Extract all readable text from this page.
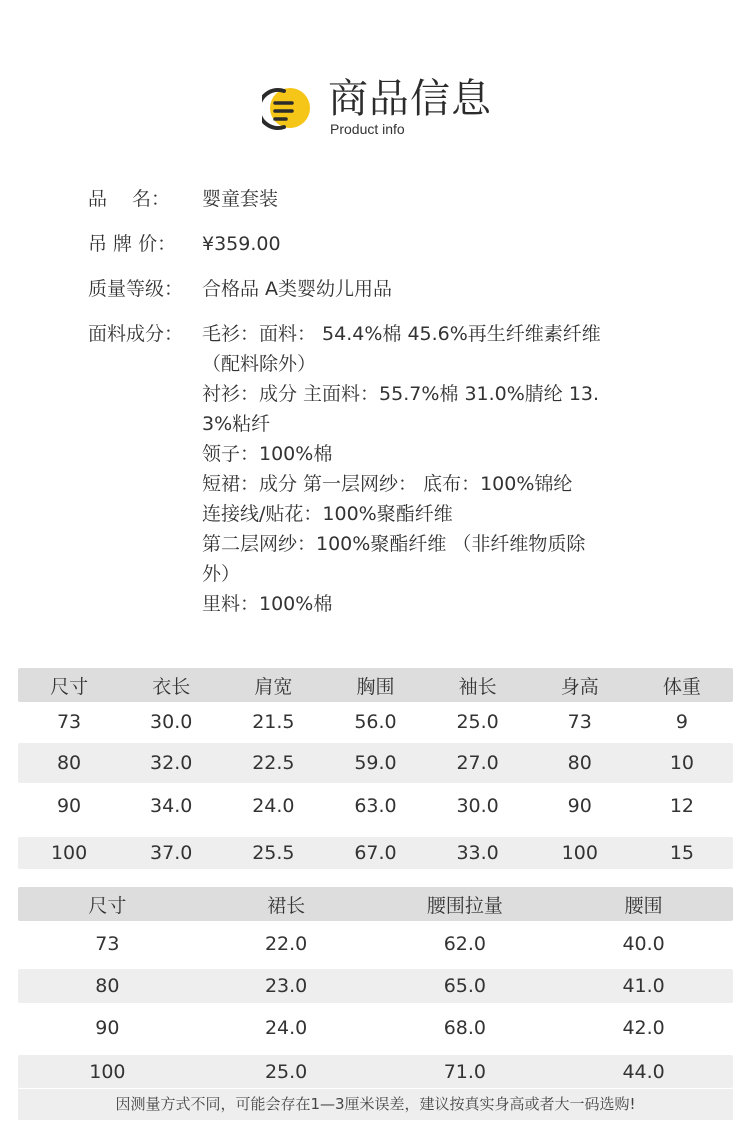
商品信息
Product info
品　 名：	婴童套装
吊 牌 价：	¥359.00
质量等级： 合格品 A类婴幼儿用品
面料成分： 毛衫：面料： 54.4%棉 45.6%再生纤维素纤维
（配料除外）
衬衫：成分 主面料：55.7%棉 31.0%腈纶 13.
3%粘纤
领子：100%棉
短裙：成分 第一层网纱： 底布：100%锦纶
连接线/贴花：100%聚酯纤维
第二层网纱：100%聚酯纤维 （非纤维物质除
外）
里料：100%棉
尺寸	衣长	肩宽	胸围	袖长	身高	体重
73	30.0	21.5	56.0	25.0	73	9
80	32.0	22.5	59.0	27.0	80	10
90	34.0	24.0	63.0	30.0	90	12
100	37.0	25.5	67.0	33.0	100	15
尺寸	裙长	腰围拉量	腰围
73	22.0	62.0	40.0
80	23.0	65.0	41.0
90	24.0	68.0	42.0
100	25.0	71.0	44.0
因测量方式不同，可能会存在1—3厘米误差，建议按真实身高或者大一码选购!
